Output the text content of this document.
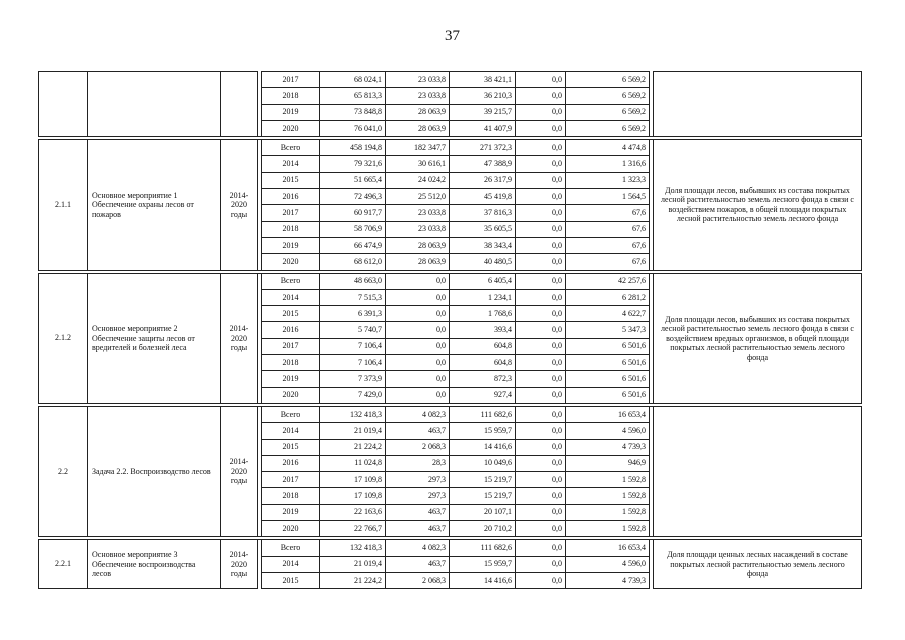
37
				2017	68 024,1	23 033,8	38 421,1	0,0	6 569,2		
				2018	65 813,3	23 033,8	36 210,3	0,0	6 569,2		
				2019	73 848,8	28 063,9	39 215,7	0,0	6 569,2		
				2020	76 041,0	28 063,9	41 407,9	0,0	6 569,2		

2.1.1	Основное мероприятие 1 Обеспечение охраны лесов от пожаров	2014-2020 годы		Всего	458 194,8	182 347,7	271 372,3	0,0	4 474,8		Доля площади лесов, выбывших из состава покрытых лесной растительностью земель лесного фонда в связи с воздействием пожаров, в общей площади покрытых лесной растительностью земель лесного фонда
				2014	79 321,6	30 616,1	47 388,9	0,0	1 316,6		
				2015	51 665,4	24 024,2	26 317,9	0,0	1 323,3		
				2016	72 496,3	25 512,0	45 419,8	0,0	1 564,5		
				2017	60 917,7	23 033,8	37 816,3	0,0	67,6		
				2018	58 706,9	23 033,8	35 605,5	0,0	67,6		
				2019	66 474,9	28 063,9	38 343,4	0,0	67,6		
				2020	68 612,0	28 063,9	40 480,5	0,0	67,6		

2.1.2	Основное мероприятие 2 Обеспечение защиты лесов от вредителей и болезней леса	2014-2020 годы		Всего	48 663,0	0,0	6 405,4	0,0	42 257,6		Доля площади лесов, выбывших из состава покрытых лесной растительностью земель лесного фонда в связи с воздействием вредных организмов, в общей площади покрытых лесной растительностью земель лесного фонда
				2014	7 515,3	0,0	1 234,1	0,0	6 281,2		
				2015	6 391,3	0,0	1 768,6	0,0	4 622,7		
				2016	5 740,7	0,0	393,4	0,0	5 347,3		
				2017	7 106,4	0,0	604,8	0,0	6 501,6		
				2018	7 106,4	0,0	604,8	0,0	6 501,6		
				2019	7 373,9	0,0	872,3	0,0	6 501,6		
				2020	7 429,0	0,0	927,4	0,0	6 501,6		

2.2	Задача 2.2. Воспроизводство лесов	2014-2020 годы		Всего	132 418,3	4 082,3	111 682,6	0,0	16 653,4		
				2014	21 019,4	463,7	15 959,7	0,0	4 596,0		
				2015	21 224,2	2 068,3	14 416,6	0,0	4 739,3		
				2016	11 024,8	28,3	10 049,6	0,0	946,9		
				2017	17 109,8	297,3	15 219,7	0,0	1 592,8		
				2018	17 109,8	297,3	15 219,7	0,0	1 592,8		
				2019	22 163,6	463,7	20 107,1	0,0	1 592,8		
				2020	22 766,7	463,7	20 710,2	0,0	1 592,8		

2.2.1	Основное мероприятие 3 Обеспечение воспроизводства лесов	2014-2020 годы		Всего	132 418,3	4 082,3	111 682,6	0,0	16 653,4		Доля площади ценных лесных насаждений в составе покрытых лесной растительностью земель лесного фонда
				2014	21 019,4	463,7	15 959,7	0,0	4 596,0		
				2015	21 224,2	2 068,3	14 416,6	0,0	4 739,3		
